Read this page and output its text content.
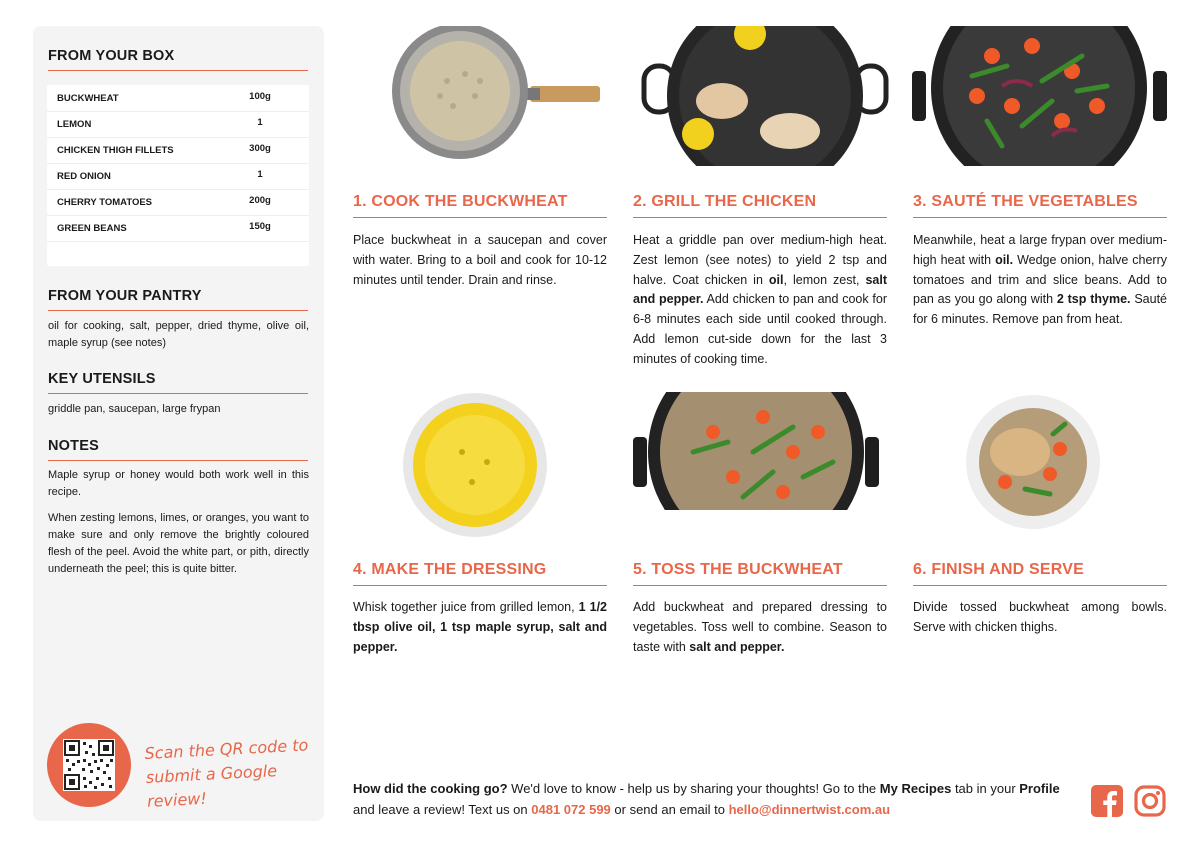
FROM YOUR BOX
BUCKWHEAT	100g
LEMON	1
CHICKEN THIGH FILLETS	300g
RED ONION	1
CHERRY TOMATOES	200g
GREEN BEANS	150g
FROM YOUR PANTRY
oil for cooking, salt, pepper, dried thyme, olive oil, maple syrup (see notes)
KEY UTENSILS
griddle pan, saucepan, large frypan
NOTES
Maple syrup or honey would both work well in this recipe.
When zesting lemons, limes, or oranges, you want to make sure and only remove the brightly coloured flesh of the peel. Avoid the white part, or pith, directly underneath the peel; this is quite bitter.
Scan the QR code to
submit a Google review!
1. COOK THE BUCKWHEAT
Place buckwheat in a saucepan and cover with water. Bring to a boil and cook for 10-12 minutes until tender. Drain and rinse.
2. GRILL THE CHICKEN
Heat a griddle pan over medium-high heat. Zest lemon (see notes) to yield 2 tsp and halve. Coat chicken in oil, lemon zest, salt and pepper. Add chicken to pan and cook for 6-8 minutes each side until cooked through. Add lemon cut-side down for the last 3 minutes of cooking time.
3. SAUTÉ THE VEGETABLES
Meanwhile, heat a large frypan over medium-high heat with oil. Wedge onion, halve cherry tomatoes and trim and slice beans. Add to pan as you go along with 2 tsp thyme. Sauté for 6 minutes. Remove pan from heat.
4. MAKE THE DRESSING
Whisk together juice from grilled lemon, 1 1/2 tbsp olive oil, 1 tsp maple syrup, salt and pepper.
5. TOSS THE BUCKWHEAT
Add buckwheat and prepared dressing to vegetables. Toss well to combine. Season to taste with salt and pepper.
6. FINISH AND SERVE
Divide tossed buckwheat among bowls. Serve with chicken thighs.
How did the cooking go? We'd love to know - help us by sharing your thoughts! Go to the My Recipes tab in your Profile and leave a review! Text us on 0481 072 599 or send an email to hello@dinnertwist.com.au
